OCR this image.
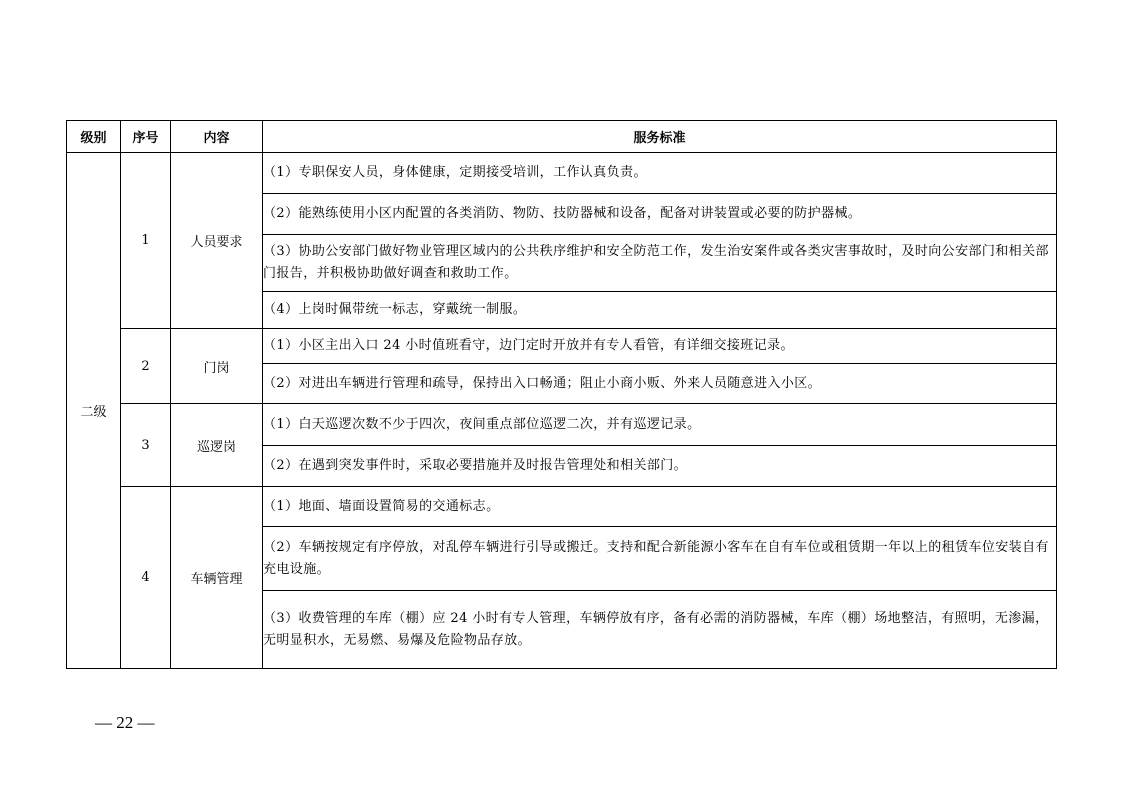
级别	序号	内容	服务标准
二级	1	人员要求	（1）专职保安人员，身体健康，定期接受培训，工作认真负责。
			（2）能熟练使用小区内配置的各类消防、物防、技防器械和设备，配备对讲装置或必要的防护器械。
			（3）协助公安部门做好物业管理区域内的公共秩序维护和安全防范工作，发生治安案件或各类灾害事故时，及时向公安部门和相关部门报告，并积极协助做好调查和救助工作。
			（4）上岗时佩带统一标志，穿戴统一制服。
	2	门岗	（1）小区主出入口 24 小时值班看守，边门定时开放并有专人看管，有详细交接班记录。
			（2）对进出车辆进行管理和疏导，保持出入口畅通；阻止小商小贩、外来人员随意进入小区。
	3	巡逻岗	（1）白天巡逻次数不少于四次，夜间重点部位巡逻二次，并有巡逻记录。
			（2）在遇到突发事件时，采取必要措施并及时报告管理处和相关部门。
	4	车辆管理	（1）地面、墙面设置简易的交通标志。
			（2）车辆按规定有序停放，对乱停车辆进行引导或搬迁。支持和配合新能源小客车在自有车位或租赁期一年以上的租赁车位安装自有充电设施。
			（3）收费管理的车库（棚）应 24 小时有专人管理，车辆停放有序，备有必需的消防器械，车库（棚）场地整洁，有照明，无渗漏，无明显积水，无易燃、易爆及危险物品存放。
— 22 —
